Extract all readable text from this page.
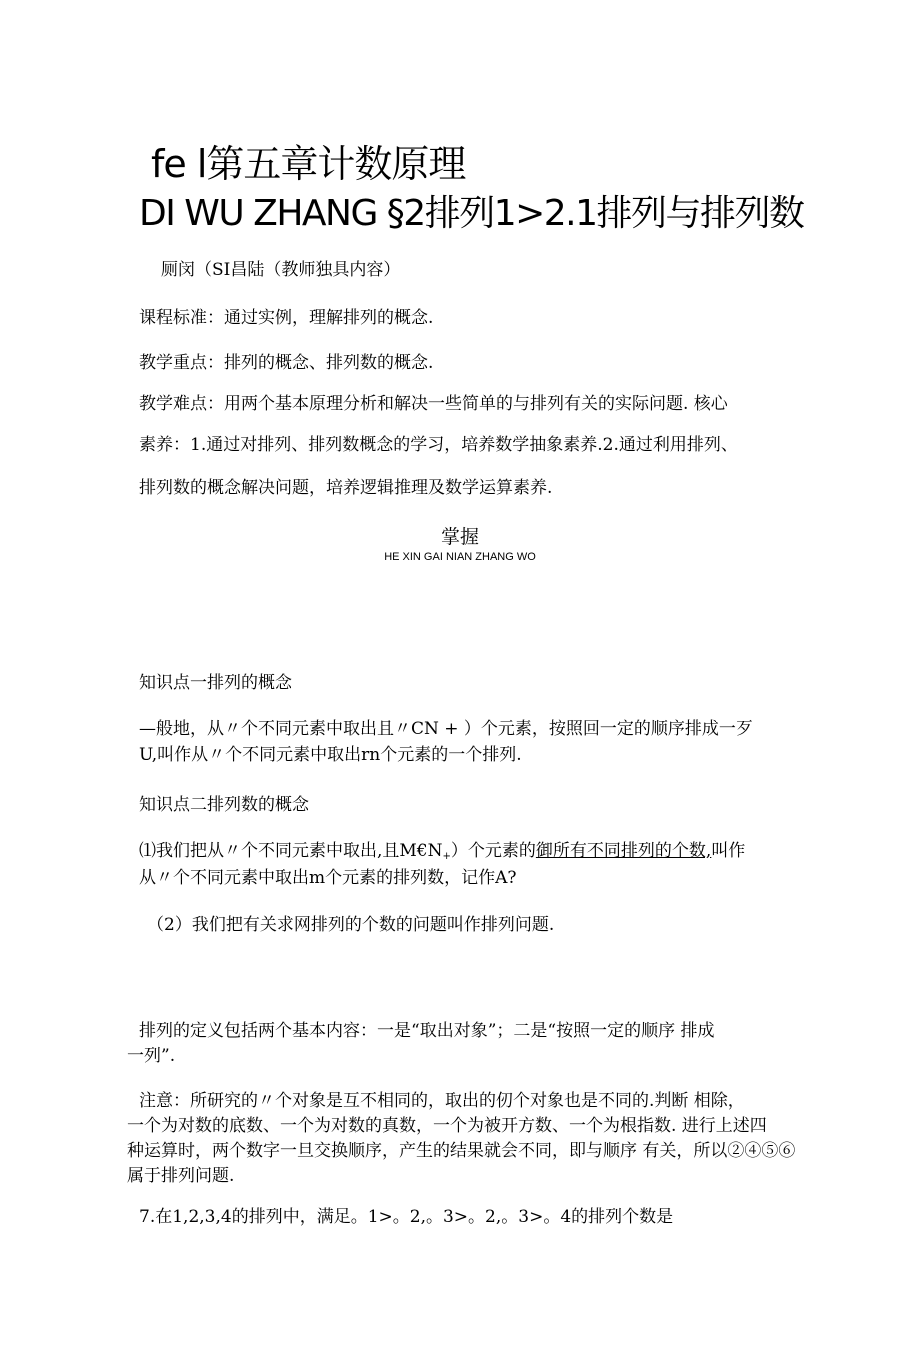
fe l第五章计数原理
DI WU ZHANG §2排列1>2.1排列与排列数
厕闵（SI昌陆（教师独具内容）
课程标准：通过实例，理解排列的概念.
教学重点：排列的概念、排列数的概念.
教学难点：用两个基本原理分析和解决一些简单的与排列有关的实际问题. 核心
素养：1.通过对排列、排列数概念的学习，培养数学抽象素养.2.通过利用排列、
排列数的概念解决问题，培养逻辑推理及数学运算素养.
掌握
HE XIN GAI NIAN ZHANG WO
知识点一排列的概念
—般地，从〃个不同元素中取出且〃CN + ）个元素，按照回一定的顺序排成一歹
U,叫作从〃个不同元素中取出rn个元素的一个排列.
知识点二排列数的概念
⑴我们把从〃个不同元素中取出,且$M€N_+$）个元素的御所有不同排列的个数,叫作
从〃个不同元素中取出m个元素的排列数，记作A?
（2）我们把有关求网排列的个数的问题叫作排列问题.
排列的定义包括两个基本内容：一是“取出对象”；二是“按照一定的顺序 排成
一列”.
注意：所研究的〃个对象是互不相同的，取出的仞个对象也是不同的.判断 相除，
一个为对数的底数、一个为对数的真数，一个为被开方数、一个为根指数. 进行上述四
种运算时，两个数字一旦交换顺序，产生的结果就会不同，即与顺序 有关，所以②④⑤⑥
属于排列问题.
7.在1,2,3,4的排列中，满足。1>。2,。3>。2,。3>。4的排列个数是
